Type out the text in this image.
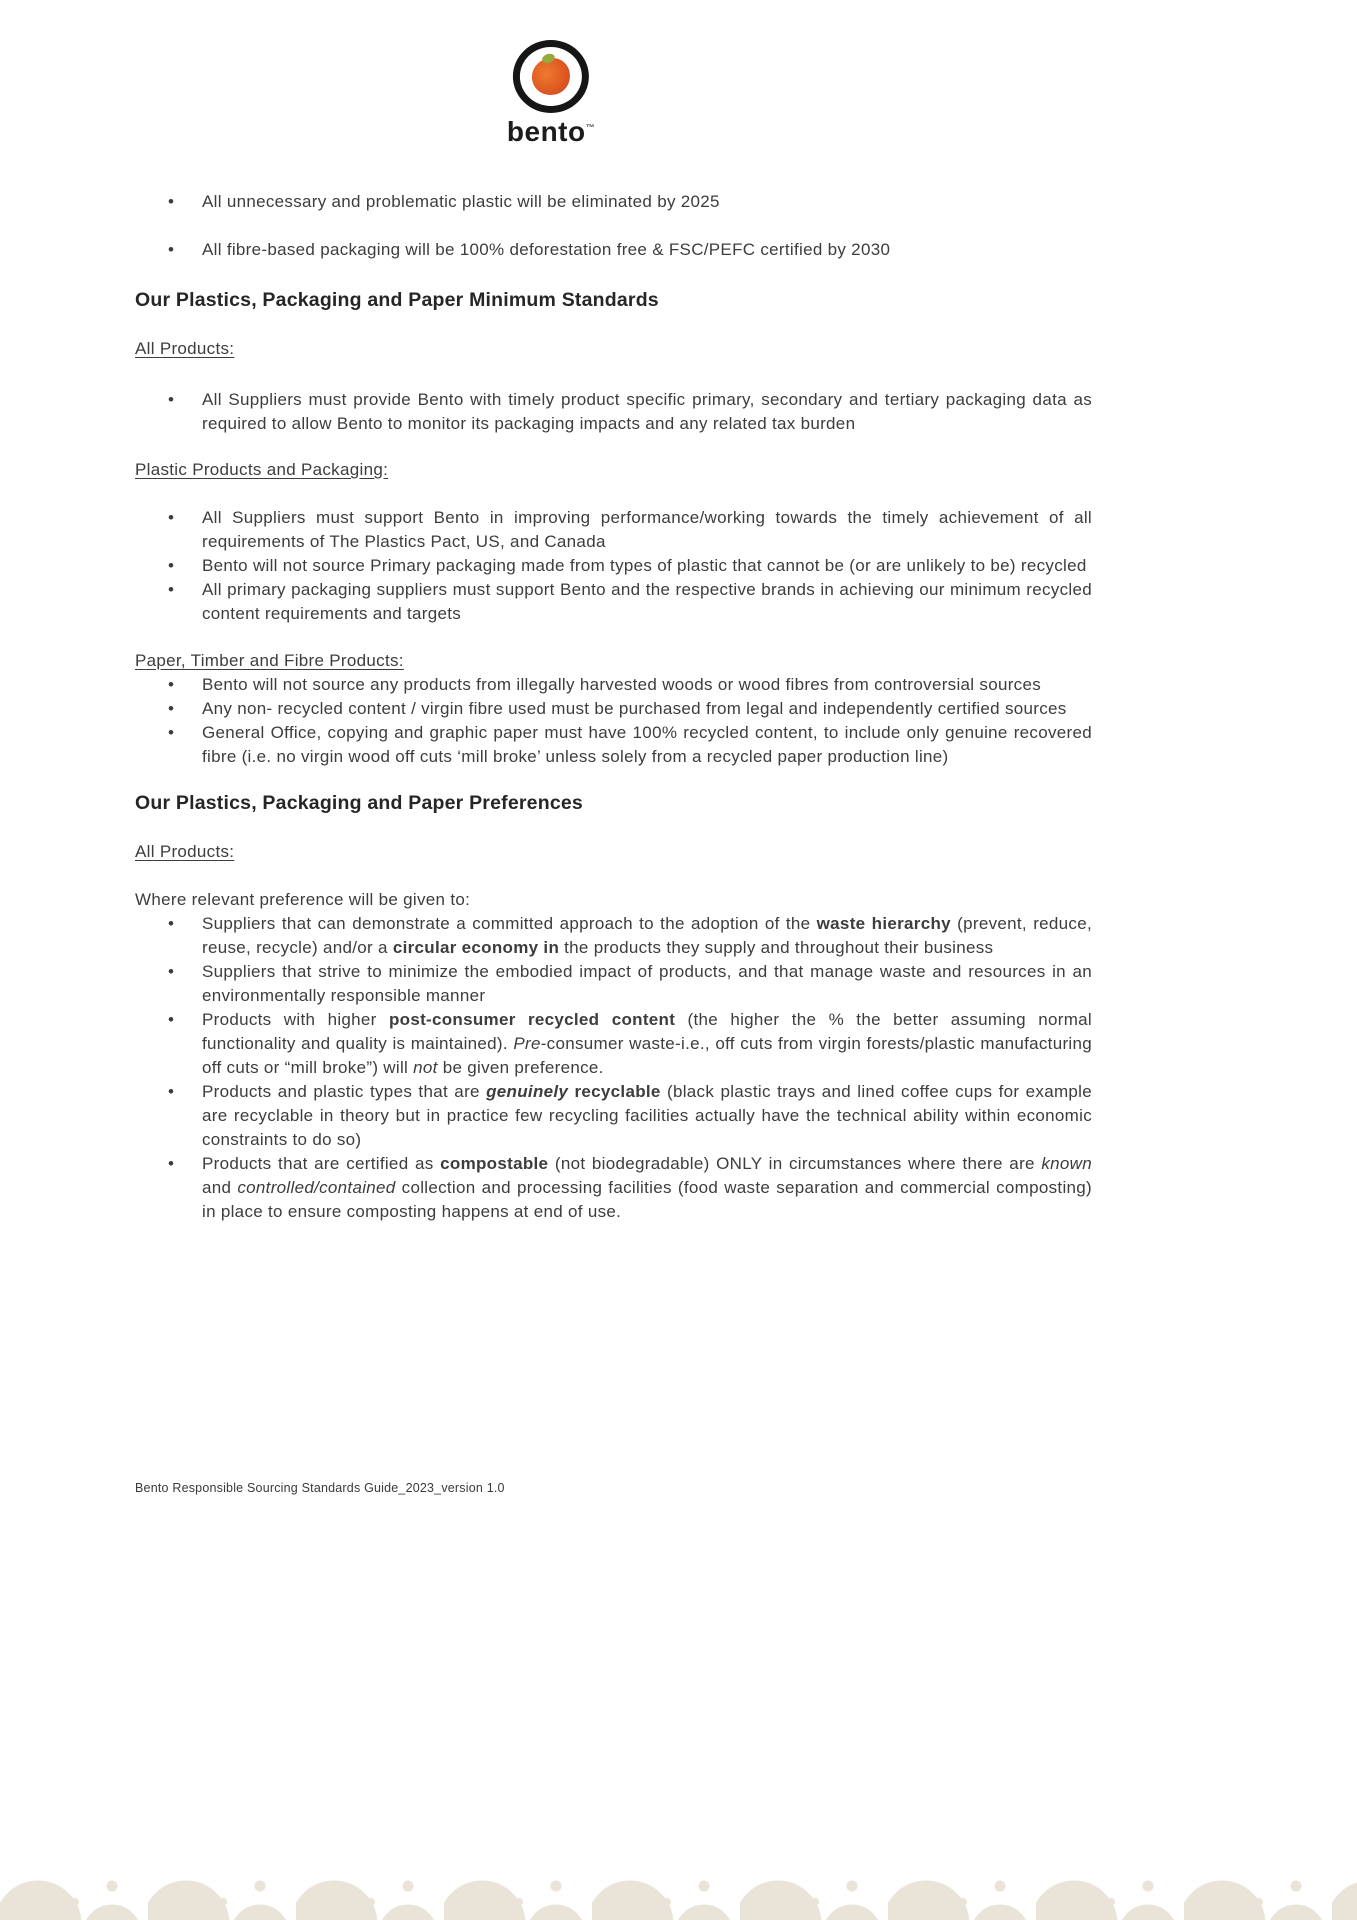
bento™
• All unnecessary and problematic plastic will be eliminated by 2025
• All fibre-based packaging will be 100% deforestation free & FSC/PEFC certified by 2030
Our Plastics, Packaging and Paper Minimum Standards
All Products:
• All Suppliers must provide Bento with timely product specific primary, secondary and tertiary packaging data as required to allow Bento to monitor its packaging impacts and any related tax burden
Plastic Products and Packaging:
• All Suppliers must support Bento in improving performance/working towards the timely achievement of all requirements of The Plastics Pact, US, and Canada
• Bento will not source Primary packaging made from types of plastic that cannot be (or are unlikely to be) recycled
• All primary packaging suppliers must support Bento and the respective brands in achieving our minimum recycled content requirements and targets
Paper, Timber and Fibre Products:
• Bento will not source any products from illegally harvested woods or wood fibres from controversial sources
• Any non- recycled content / virgin fibre used must be purchased from legal and independently certified sources
• General Office, copying and graphic paper must have 100% recycled content, to include only genuine recovered fibre (i.e. no virgin wood off cuts ‘mill broke’ unless solely from a recycled paper production line)
Our Plastics, Packaging and Paper Preferences
All Products:
Where relevant preference will be given to:
• Suppliers that can demonstrate a committed approach to the adoption of the waste hierarchy (prevent, reduce, reuse, recycle) and/or a circular economy in the products they supply and throughout their business
• Suppliers that strive to minimize the embodied impact of products, and that manage waste and resources in an environmentally responsible manner
• Products with higher post-consumer recycled content (the higher the % the better assuming normal functionality and quality is maintained). Pre-consumer waste-i.e., off cuts from virgin forests/plastic manufacturing off cuts or “mill broke”) will not be given preference.
• Products and plastic types that are genuinely recyclable (black plastic trays and lined coffee cups for example are recyclable in theory but in practice few recycling facilities actually have the technical ability within economic constraints to do so)
• Products that are certified as compostable (not biodegradable) ONLY in circumstances where there are known and controlled/contained collection and processing facilities (food waste separation and commercial composting) in place to ensure composting happens at end of use.
Bento Responsible Sourcing Standards Guide_2023_version 1.0
